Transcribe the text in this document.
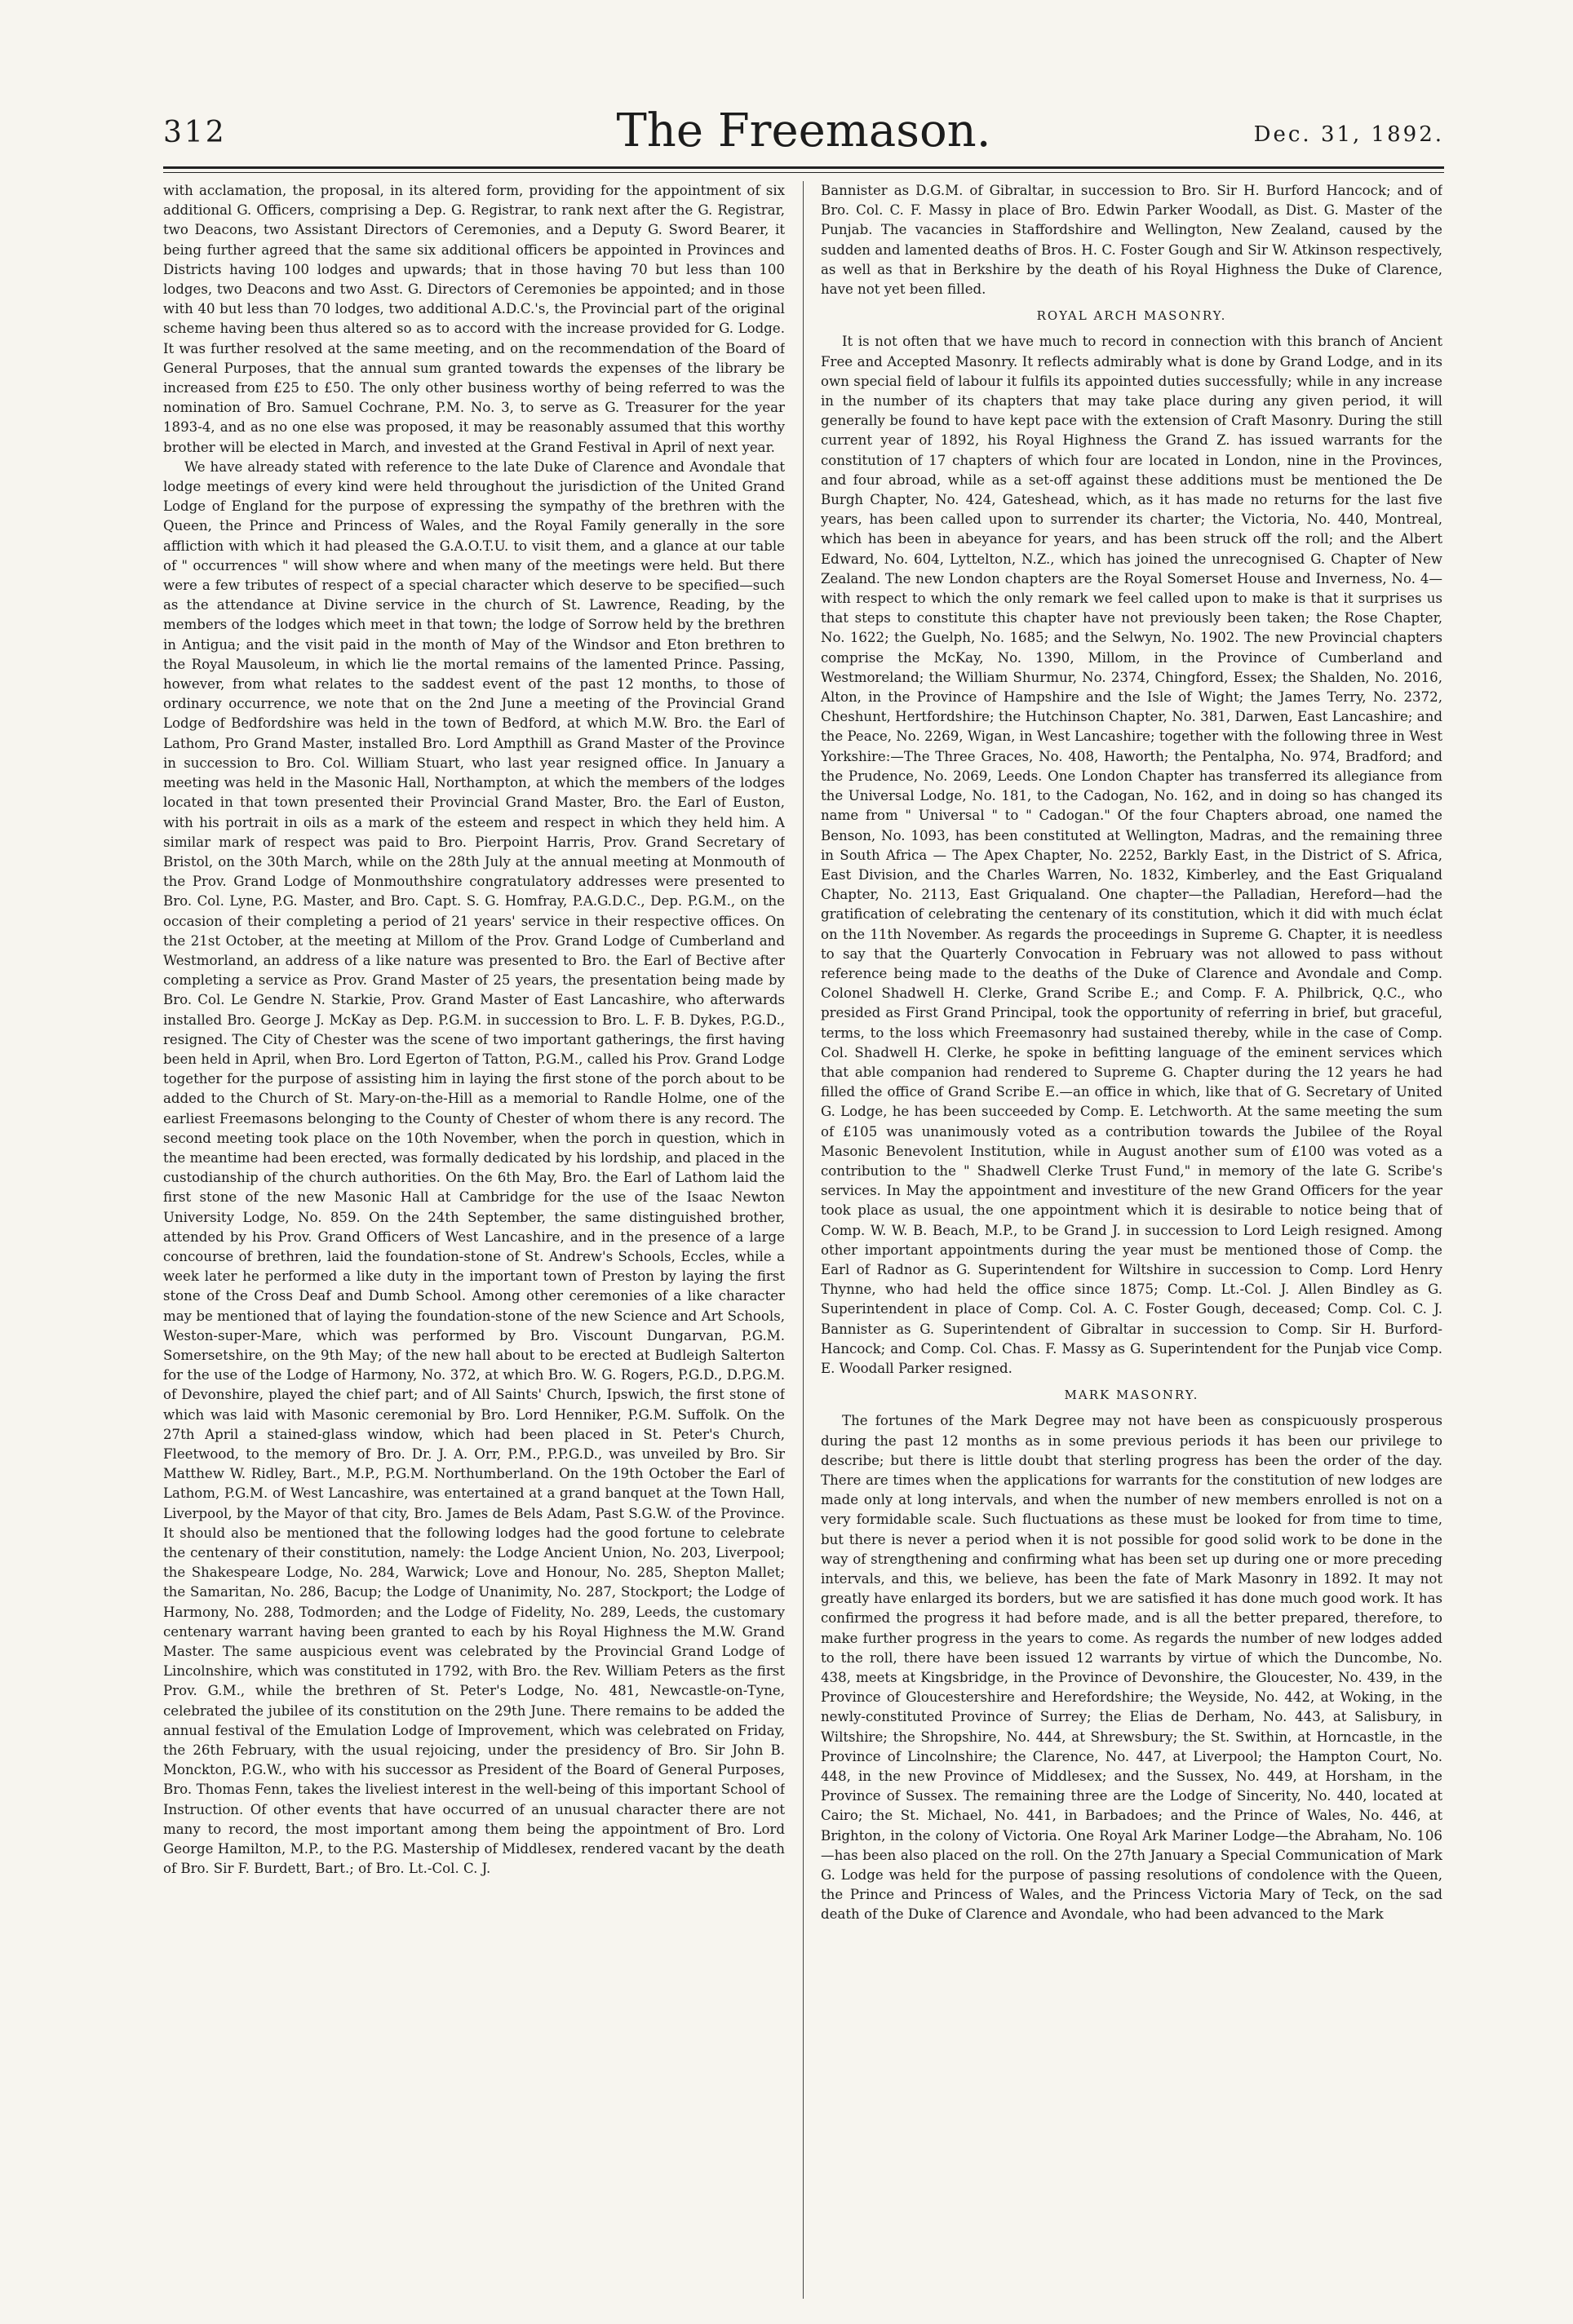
312	The Freemason.	Dec. 31, 1892.

with acclamation, the proposal, in its altered form, providing for the appointment of six additional G. Officers, comprising a Dep. G. Registrar, to rank next after the G. Registrar, two Deacons, two Assistant Directors of Ceremonies, and a Deputy G. Sword Bearer, it being further agreed that the same six additional officers be appointed in Provinces and Districts having 100 lodges and upwards; that in those having 70 but less than 100 lodges, two Deacons and two Asst. G. Directors of Ceremonies be appointed; and in those with 40 but less than 70 lodges, two additional A.D.C.'s, the Provincial part of the original scheme having been thus altered so as to accord with the increase provided for G. Lodge. It was further resolved at the same meeting, and on the recommendation of the Board of General Purposes, that the annual sum granted towards the expenses of the library be increased from £25 to £50. The only other business worthy of being referred to was the nomination of Bro. Samuel Cochrane, P.M. No. 3, to serve as G. Treasurer for the year 1893-4, and as no one else was proposed, it may be reasonably assumed that this worthy brother will be elected in March, and invested at the Grand Festival in April of next year.

We have already stated with reference to the late Duke of Clarence and Avondale that lodge meetings of every kind were held throughout the jurisdiction of the United Grand Lodge of England for the purpose of expressing the sympathy of the brethren with the Queen, the Prince and Princess of Wales, and the Royal Family generally in the sore affliction with which it had pleased the G.A.O.T.U. to visit them, and a glance at our table of " occurrences " will show where and when many of the meetings were held. But there were a few tributes of respect of a special character which deserve to be specified—such as the attendance at Divine service in the church of St. Lawrence, Reading, by the members of the lodges which meet in that town; the lodge of Sorrow held by the brethren in Antigua; and the visit paid in the month of May of the Windsor and Eton brethren to the Royal Mausoleum, in which lie the mortal remains of the lamented Prince. Passing, however, from what relates to the saddest event of the past 12 months, to those of ordinary occurrence, we note that on the 2nd June a meeting of the Provincial Grand Lodge of Bedfordshire was held in the town of Bedford, at which M.W. Bro. the Earl of Lathom, Pro Grand Master, installed Bro. Lord Ampthill as Grand Master of the Province in succession to Bro. Col. William Stuart, who last year resigned office. In January a meeting was held in the Masonic Hall, Northampton, at which the members of the lodges located in that town presented their Provincial Grand Master, Bro. the Earl of Euston, with his portrait in oils as a mark of the esteem and respect in which they held him. A similar mark of respect was paid to Bro. Pierpoint Harris, Prov. Grand Secretary of Bristol, on the 30th March, while on the 28th July at the annual meeting at Monmouth of the Prov. Grand Lodge of Monmouthshire congratulatory addresses were presented to Bro. Col. Lyne, P.G. Master, and Bro. Capt. S. G. Homfray, P.A.G.D.C., Dep. P.G.M., on the occasion of their completing a period of 21 years' service in their respective offices. On the 21st October, at the meeting at Millom of the Prov. Grand Lodge of Cumberland and Westmorland, an address of a like nature was presented to Bro. the Earl of Bective after completing a service as Prov. Grand Master of 25 years, the presentation being made by Bro. Col. Le Gendre N. Starkie, Prov. Grand Master of East Lancashire, who afterwards installed Bro. George J. McKay as Dep. P.G.M. in succession to Bro. L. F. B. Dykes, P.G.D., resigned. The City of Chester was the scene of two important gatherings, the first having been held in April, when Bro. Lord Egerton of Tatton, P.G.M., called his Prov. Grand Lodge together for the purpose of assisting him in laying the first stone of the porch about to be added to the Church of St. Mary-on-the-Hill as a memorial to Randle Holme, one of the earliest Freemasons belonging to the County of Chester of whom there is any record. The second meeting took place on the 10th November, when the porch in question, which in the meantime had been erected, was formally dedicated by his lordship, and placed in the custodianship of the church authorities. On the 6th May, Bro. the Earl of Lathom laid the first stone of the new Masonic Hall at Cambridge for the use of the Isaac Newton University Lodge, No. 859. On the 24th September, the same distinguished brother, attended by his Prov. Grand Officers of West Lancashire, and in the presence of a large concourse of brethren, laid the foundation-stone of St. Andrew's Schools, Eccles, while a week later he performed a like duty in the important town of Preston by laying the first stone of the Cross Deaf and Dumb School. Among other ceremonies of a like character may be mentioned that of laying the foundation-stone of the new Science and Art Schools, Weston-super-Mare, which was performed by Bro. Viscount Dungarvan, P.G.M. Somersetshire, on the 9th May; of the new hall about to be erected at Budleigh Salterton for the use of the Lodge of Harmony, No. 372, at which Bro. W. G. Rogers, P.G.D., D.P.G.M. of Devonshire, played the chief part; and of All Saints' Church, Ipswich, the first stone of which was laid with Masonic ceremonial by Bro. Lord Henniker, P.G.M. Suffolk. On the 27th April a stained-glass window, which had been placed in St. Peter's Church, Fleetwood, to the memory of Bro. Dr. J. A. Orr, P.M., P.P.G.D., was unveiled by Bro. Sir Matthew W. Ridley, Bart., M.P., P.G.M. Northumberland. On the 19th October the Earl of Lathom, P.G.M. of West Lancashire, was entertained at a grand banquet at the Town Hall, Liverpool, by the Mayor of that city, Bro. James de Bels Adam, Past S.G.W. of the Province. It should also be mentioned that the following lodges had the good fortune to celebrate the centenary of their constitution, namely: the Lodge Ancient Union, No. 203, Liverpool; the Shakespeare Lodge, No. 284, Warwick; Love and Honour, No. 285, Shepton Mallet; the Samaritan, No. 286, Bacup; the Lodge of Unanimity, No. 287, Stockport; the Lodge of Harmony, No. 288, Todmorden; and the Lodge of Fidelity, No. 289, Leeds, the customary centenary warrant having been granted to each by his Royal Highness the M.W. Grand Master. The same auspicious event was celebrated by the Provincial Grand Lodge of Lincolnshire, which was constituted in 1792, with Bro. the Rev. William Peters as the first Prov. G.M., while the brethren of St. Peter's Lodge, No. 481, Newcastle-on-Tyne, celebrated the jubilee of its constitution on the 29th June. There remains to be added the annual festival of the Emulation Lodge of Improvement, which was celebrated on Friday, the 26th February, with the usual rejoicing, under the presidency of Bro. Sir John B. Monckton, P.G.W., who with his successor as President of the Board of General Purposes, Bro. Thomas Fenn, takes the liveliest interest in the well-being of this important School of Instruction. Of other events that have occurred of an unusual character there are not many to record, the most important among them being the appointment of Bro. Lord George Hamilton, M.P., to the P.G. Mastership of Middlesex, rendered vacant by the death of Bro. Sir F. Burdett, Bart.; of Bro. Lt.-Col. C. J.

Bannister as D.G.M. of Gibraltar, in succession to Bro. Sir H. Burford Hancock; and of Bro. Col. C. F. Massy in place of Bro. Edwin Parker Woodall, as Dist. G. Master of the Punjab. The vacancies in Staffordshire and Wellington, New Zealand, caused by the sudden and lamented deaths of Bros. H. C. Foster Gough and Sir W. Atkinson respectively, as well as that in Berkshire by the death of his Royal Highness the Duke of Clarence, have not yet been filled.

ROYAL ARCH MASONRY.

It is not often that we have much to record in connection with this branch of Ancient Free and Accepted Masonry. It reflects admirably what is done by Grand Lodge, and in its own special field of labour it fulfils its appointed duties successfully; while in any increase in the number of its chapters that may take place during any given period, it will generally be found to have kept pace with the extension of Craft Masonry. During the still current year of 1892, his Royal Highness the Grand Z. has issued warrants for the constitution of 17 chapters of which four are located in London, nine in the Provinces, and four abroad, while as a set-off against these additions must be mentioned the De Burgh Chapter, No. 424, Gateshead, which, as it has made no returns for the last five years, has been called upon to surrender its charter; the Victoria, No. 440, Montreal, which has been in abeyance for years, and has been struck off the roll; and the Albert Edward, No. 604, Lyttelton, N.Z., which has joined the unrecognised G. Chapter of New Zealand. The new London chapters are the Royal Somerset House and Inverness, No. 4—with respect to which the only remark we feel called upon to make is that it surprises us that steps to constitute this chapter have not previously been taken; the Rose Chapter, No. 1622; the Guelph, No. 1685; and the Selwyn, No. 1902. The new Provincial chapters comprise the McKay, No. 1390, Millom, in the Province of Cumberland and Westmoreland; the William Shurmur, No. 2374, Chingford, Essex; the Shalden, No. 2016, Alton, in the Province of Hampshire and the Isle of Wight; the James Terry, No. 2372, Cheshunt, Hertfordshire; the Hutchinson Chapter, No. 381, Darwen, East Lancashire; and the Peace, No. 2269, Wigan, in West Lancashire; together with the following three in West Yorkshire:—The Three Graces, No. 408, Haworth; the Pentalpha, No. 974, Bradford; and the Prudence, No. 2069, Leeds. One London Chapter has transferred its allegiance from the Universal Lodge, No. 181, to the Cadogan, No. 162, and in doing so has changed its name from " Universal " to " Cadogan." Of the four Chapters abroad, one named the Benson, No. 1093, has been constituted at Wellington, Madras, and the remaining three in South Africa — The Apex Chapter, No. 2252, Barkly East, in the District of S. Africa, East Division, and the Charles Warren, No. 1832, Kimberley, and the East Griqualand Chapter, No. 2113, East Griqualand. One chapter—the Palladian, Hereford—had the gratification of celebrating the centenary of its constitution, which it did with much éclat on the 11th November. As regards the proceedings in Supreme G. Chapter, it is needless to say that the Quarterly Convocation in February was not allowed to pass without reference being made to the deaths of the Duke of Clarence and Avondale and Comp. Colonel Shadwell H. Clerke, Grand Scribe E.; and Comp. F. A. Philbrick, Q.C., who presided as First Grand Principal, took the opportunity of referring in brief, but graceful, terms, to the loss which Freemasonry had sustained thereby, while in the case of Comp. Col. Shadwell H. Clerke, he spoke in befitting language of the eminent services which that able companion had rendered to Supreme G. Chapter during the 12 years he had filled the office of Grand Scribe E.—an office in which, like that of G. Secretary of United G. Lodge, he has been succeeded by Comp. E. Letchworth. At the same meeting the sum of £105 was unanimously voted as a contribution towards the Jubilee of the Royal Masonic Benevolent Institution, while in August another sum of £100 was voted as a contribution to the " Shadwell Clerke Trust Fund," in memory of the late G. Scribe's services. In May the appointment and investiture of the new Grand Officers for the year took place as usual, the one appointment which it is desirable to notice being that of Comp. W. W. B. Beach, M.P., to be Grand J. in succession to Lord Leigh resigned. Among other important appointments during the year must be mentioned those of Comp. the Earl of Radnor as G. Superintendent for Wiltshire in succession to Comp. Lord Henry Thynne, who had held the office since 1875; Comp. Lt.-Col. J. Allen Bindley as G. Superintendent in place of Comp. Col. A. C. Foster Gough, deceased; Comp. Col. C. J. Bannister as G. Superintendent of Gibraltar in succession to Comp. Sir H. Burford-Hancock; and Comp. Col. Chas. F. Massy as G. Superintendent for the Punjab vice Comp. E. Woodall Parker resigned.

MARK MASONRY.

The fortunes of the Mark Degree may not have been as conspicuously prosperous during the past 12 months as in some previous periods it has been our privilege to describe; but there is little doubt that sterling progress has been the order of the day. There are times when the applications for warrants for the constitution of new lodges are made only at long intervals, and when the number of new members enrolled is not on a very formidable scale. Such fluctuations as these must be looked for from time to time, but there is never a period when it is not possible for good solid work to be done in the way of strengthening and confirming what has been set up during one or more preceding intervals, and this, we believe, has been the fate of Mark Masonry in 1892. It may not greatly have enlarged its borders, but we are satisfied it has done much good work. It has confirmed the progress it had before made, and is all the better prepared, therefore, to make further progress in the years to come. As regards the number of new lodges added to the roll, there have been issued 12 warrants by virtue of which the Duncombe, No. 438, meets at Kingsbridge, in the Province of Devonshire, the Gloucester, No. 439, in the Province of Gloucestershire and Herefordshire; the Weyside, No. 442, at Woking, in the newly-constituted Province of Surrey; the Elias de Derham, No. 443, at Salisbury, in Wiltshire; the Shropshire, No. 444, at Shrewsbury; the St. Swithin, at Horncastle, in the Province of Lincolnshire; the Clarence, No. 447, at Liverpool; the Hampton Court, No. 448, in the new Province of Middlesex; and the Sussex, No. 449, at Horsham, in the Province of Sussex. The remaining three are the Lodge of Sincerity, No. 440, located at Cairo; the St. Michael, No. 441, in Barbadoes; and the Prince of Wales, No. 446, at Brighton, in the colony of Victoria. One Royal Ark Mariner Lodge—the Abraham, No. 106—has been also placed on the roll. On the 27th January a Special Communication of Mark G. Lodge was held for the purpose of passing resolutions of condolence with the Queen, the Prince and Princess of Wales, and the Princess Victoria Mary of Teck, on the sad death of the Duke of Clarence and Avondale, who had been advanced to the Mark
